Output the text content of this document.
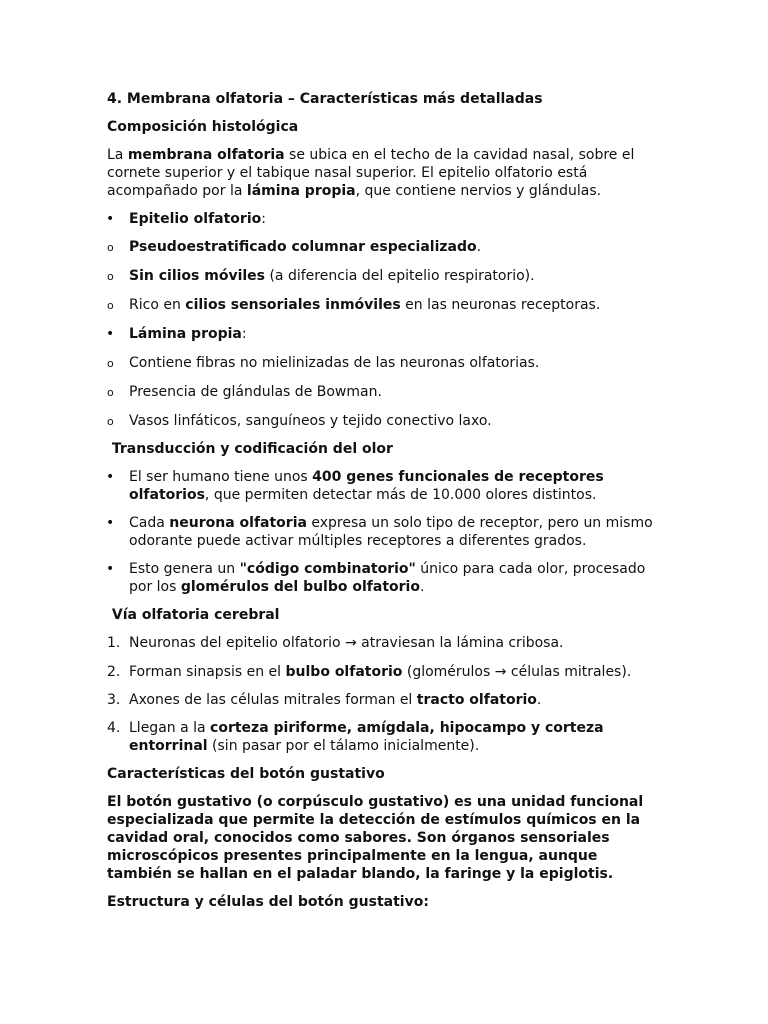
4. Membrana olfatoria – Características más detalladas
Composición histológica

La membrana olfatoria se ubica en el techo de la cavidad nasal, sobre el cornete superior y el tabique nasal superior. El epitelio olfatorio está acompañado por la lámina propia, que contiene nervios y glándulas.

•	Epitelio olfatorio:
o	Pseudoestratificado columnar especializado.
o	Sin cilios móviles (a diferencia del epitelio respiratorio).
o	Rico en cilios sensoriales inmóviles en las neuronas receptoras.
•	Lámina propia:
o	Contiene fibras no mielinizadas de las neuronas olfatorias.
o	Presencia de glándulas de Bowman.
o	Vasos linfáticos, sanguíneos y tejido conectivo laxo.
Transducción y codificación del olor
•	El ser humano tiene unos 400 genes funcionales de receptores olfatorios, que permiten detectar más de 10.000 olores distintos.
•	Cada neurona olfatoria expresa un solo tipo de receptor, pero un mismo odorante puede activar múltiples receptores a diferentes grados.
•	Esto genera un "código combinatorio" único para cada olor, procesado por los glomérulos del bulbo olfatorio.
Vía olfatoria cerebral
1. Neuronas del epitelio olfatorio → atraviesan la lámina cribosa.
2. Forman sinapsis en el bulbo olfatorio (glomérulos → células mitrales).
3. Axones de las células mitrales forman el tracto olfatorio.
4. Llegan a la corteza piriforme, amígdala, hipocampo y corteza entorrinal (sin pasar por el tálamo inicialmente).
Características del botón gustativo

El botón gustativo (o corpúsculo gustativo) es una unidad funcional especializada que permite la detección de estímulos químicos en la cavidad oral, conocidos como sabores. Son órganos sensoriales microscópicos presentes principalmente en la lengua, aunque también se hallan en el paladar blando, la faringe y la epiglotis.

Estructura y células del botón gustativo:
